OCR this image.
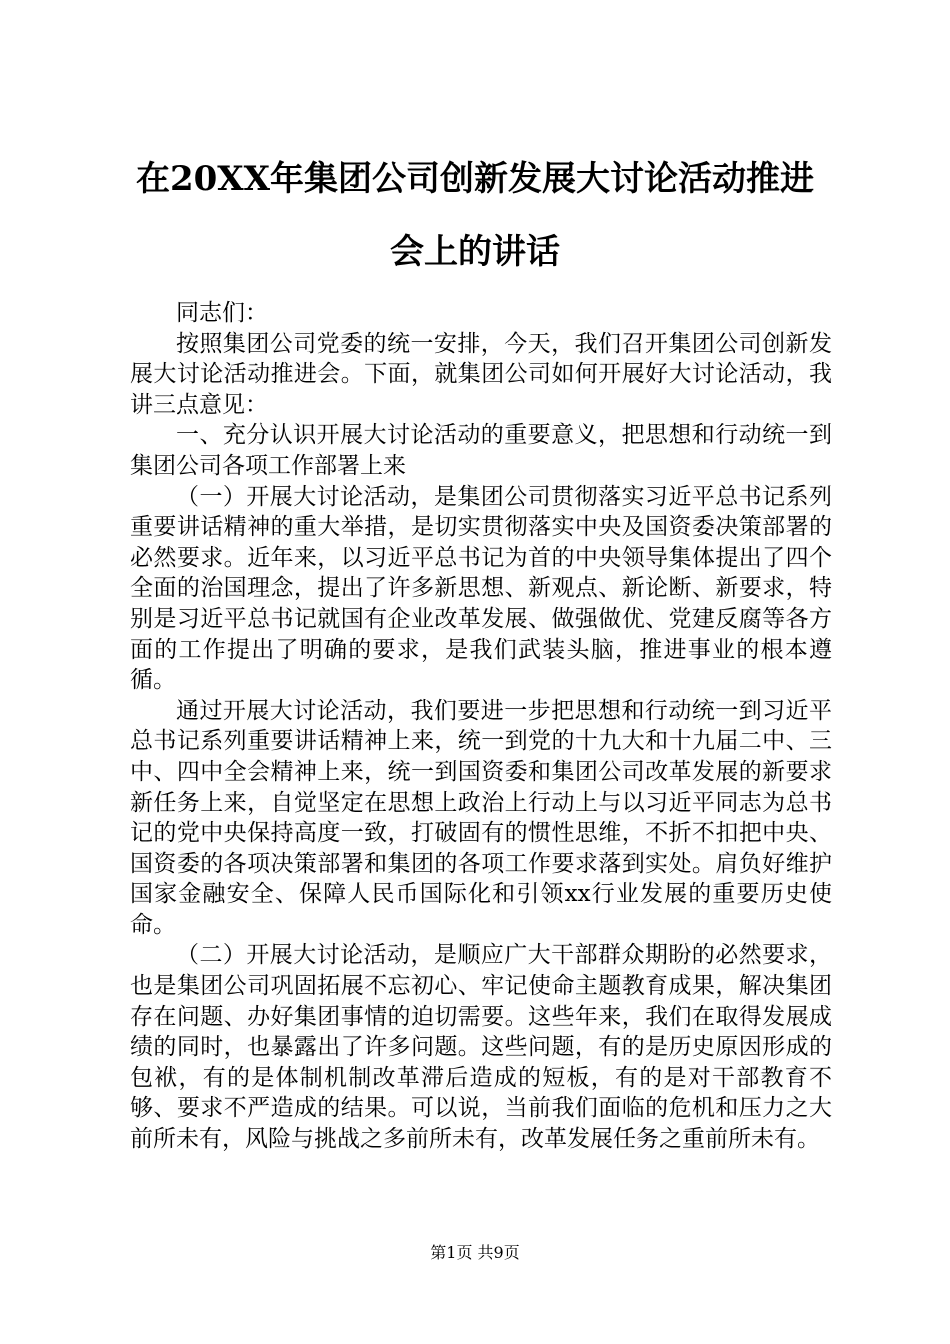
在20XX年集团公司创新发展大讨论活动推进
会上的讲话

同志们：

按照集团公司党委的统一安排，今天，我们召开集团公司创新发展大讨论活动推进会。下面，就集团公司如何开展好大讨论活动，我讲三点意见：

一、充分认识开展大讨论活动的重要意义，把思想和行动统一到集团公司各项工作部署上来

（一）开展大讨论活动，是集团公司贯彻落实习近平总书记系列重要讲话精神的重大举措，是切实贯彻落实中央及国资委决策部署的必然要求。近年来，以习近平总书记为首的中央领导集体提出了四个全面的治国理念，提出了许多新思想、新观点、新论断、新要求，特别是习近平总书记就国有企业改革发展、做强做优、党建反腐等各方面的工作提出了明确的要求，是我们武装头脑，推进事业的根本遵循。

通过开展大讨论活动，我们要进一步把思想和行动统一到习近平总书记系列重要讲话精神上来，统一到党的十九大和十九届二中、三中、四中全会精神上来，统一到国资委和集团公司改革发展的新要求新任务上来，自觉坚定在思想上政治上行动上与以习近平同志为总书记的党中央保持高度一致，打破固有的惯性思维，不折不扣把中央、国资委的各项决策部署和集团的各项工作要求落到实处。肩负好维护国家金融安全、保障人民币国际化和引领xx行业发展的重要历史使命。

（二）开展大讨论活动，是顺应广大干部群众期盼的必然要求，也是集团公司巩固拓展不忘初心、牢记使命主题教育成果，解决集团存在问题、办好集团事情的迫切需要。这些年来，我们在取得发展成绩的同时，也暴露出了许多问题。这些问题，有的是历史原因形成的包袱，有的是体制机制改革滞后造成的短板，有的是对干部教育不够、要求不严造成的结果。可以说，当前我们面临的危机和压力之大前所未有，风险与挑战之多前所未有，改革发展任务之重前所未有。

第1页 共9页
